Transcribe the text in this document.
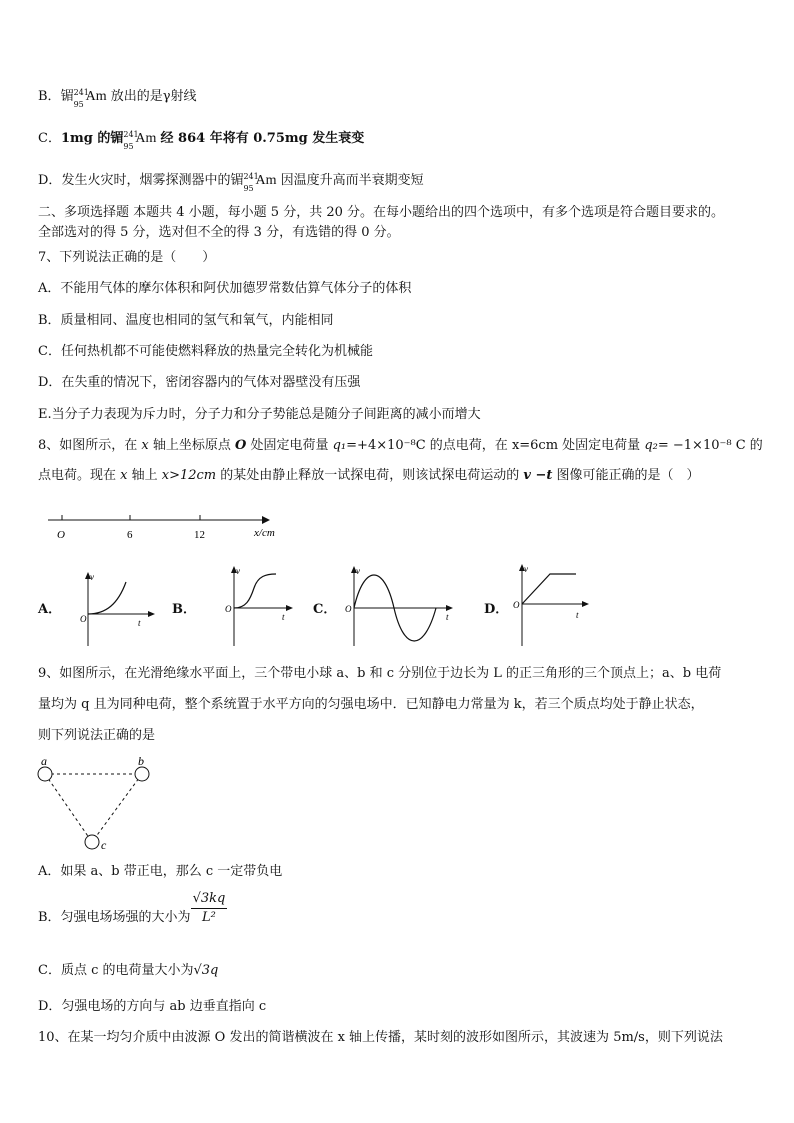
B．镅 241
95
Am 放出的是γ射线
C．1mg 的镅 241
95
Am 经 864 年将有 0.75mg 发生衰变
D．发生火灾时，烟雾探测器中的镅 241
95
Am 因温度升高而半衰期变短
二、多项选择题 本题共 4 小题，每小题 5 分，共 20 分。在每小题给出的四个选项中，有多个选项是符合题目要求的。
全部选对的得 5 分，选对但不全的得 3 分，有选错的得 0 分。
7、下列说法正确的是（　　）
A．不能用气体的摩尔体积和阿伏加德罗常数估算气体分子的体积
B．质量相同、温度也相同的氢气和氧气，内能相同
C．任何热机都不可能使燃料释放的热量完全转化为机械能
D．在失重的情况下，密闭容器内的气体对器壁没有压强
E.当分子力表现为斥力时，分子力和分子势能总是随分子间距离的减小而增大
8、如图所示，在 x 轴上坐标原点 O 处固定电荷量 q₁=+4×10⁻⁸C 的点电荷，在 x=6cm 处固定电荷量 q₂= −1×10⁻⁸ C 的
点电荷。现在 x 轴上 x>12cm 的某处由静止释放一试探电荷，则该试探电荷运动的 v −t 图像可能正确的是（　）
O	6	12	x/cm
A．
v
O	t
B．
v
O
t C．
v
O
t	D．
v
O
t
9、如图所示，在光滑绝缘水平面上，三个带电小球 a、b 和 c 分别位于边长为 L 的正三角形的三个顶点上；a、b 电荷
量均为 q 且为同种电荷，整个系统置于水平方向的匀强电场中．已知静电力常量为 k，若三个质点均处于静止状态，
则下列说法正确的是
a	b
c
A．如果 a、b 带正电，那么 c 一定带负电
B．匀强电场场强的大小为 $\frac{√3kq}{\text{L²}}$
C．质点 c 的电荷量大小为√3q
D．匀强电场的方向与 ab 边垂直指向 c
10、在某一均匀介质中由波源 O 发出的简谐横波在 x 轴上传播，某时刻的波形如图所示，其波速为 5m/s，则下列说法
